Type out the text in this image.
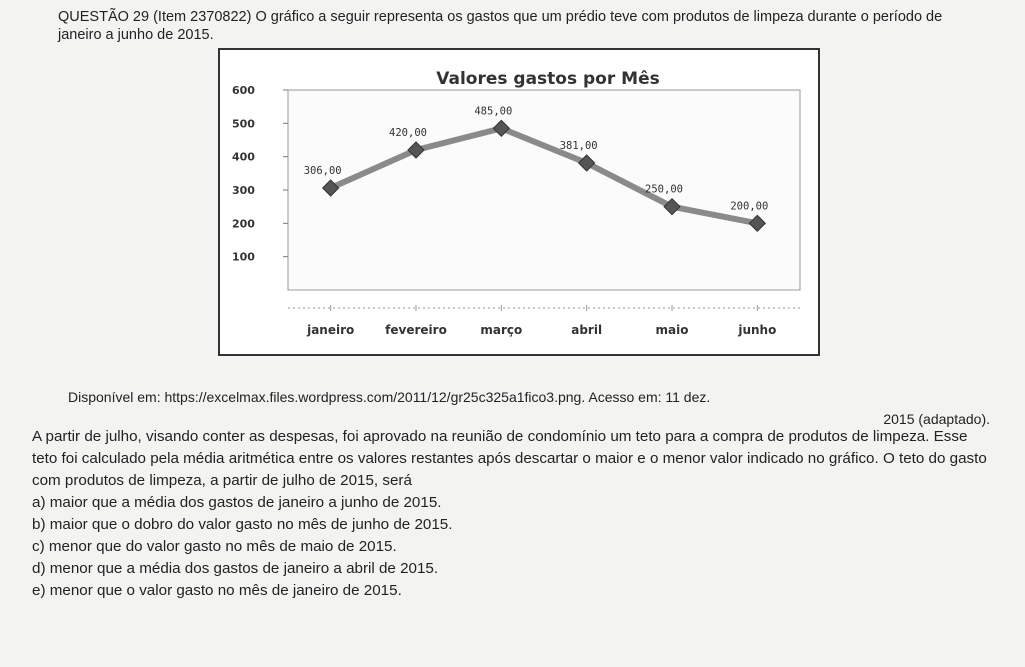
QUESTÃO 29 (Item 2370822) O gráfico a seguir representa os gastos que um prédio teve com produtos de limpeza durante o período de janeiro a junho de 2015.
Valores gastos por Mês
100
200
300
400
500
600
janeiro	fevereiro	março	abril	maio	junho
306,00
420,00
485,00
381,00
250,00
200,00
Disponível em: https://excelmax.files.wordpress.com/2011/12/gr25c325a1fico3.png. Acesso em: 11 dez.
2015 (adaptado).

A partir de julho, visando conter as despesas, foi aprovado na reunião de condomínio um teto para a compra de produtos de limpeza. Esse teto foi calculado pela média aritmética entre os valores restantes após descartar o maior e o menor valor indicado no gráfico. O teto do gasto com produtos de limpeza, a partir de julho de 2015, será

a) maior que a média dos gastos de janeiro a junho de 2015.
b) maior que o dobro do valor gasto no mês de junho de 2015.
c) menor que do valor gasto no mês de maio de 2015.
d) menor que a média dos gastos de janeiro a abril de 2015.
e) menor que o valor gasto no mês de janeiro de 2015.
